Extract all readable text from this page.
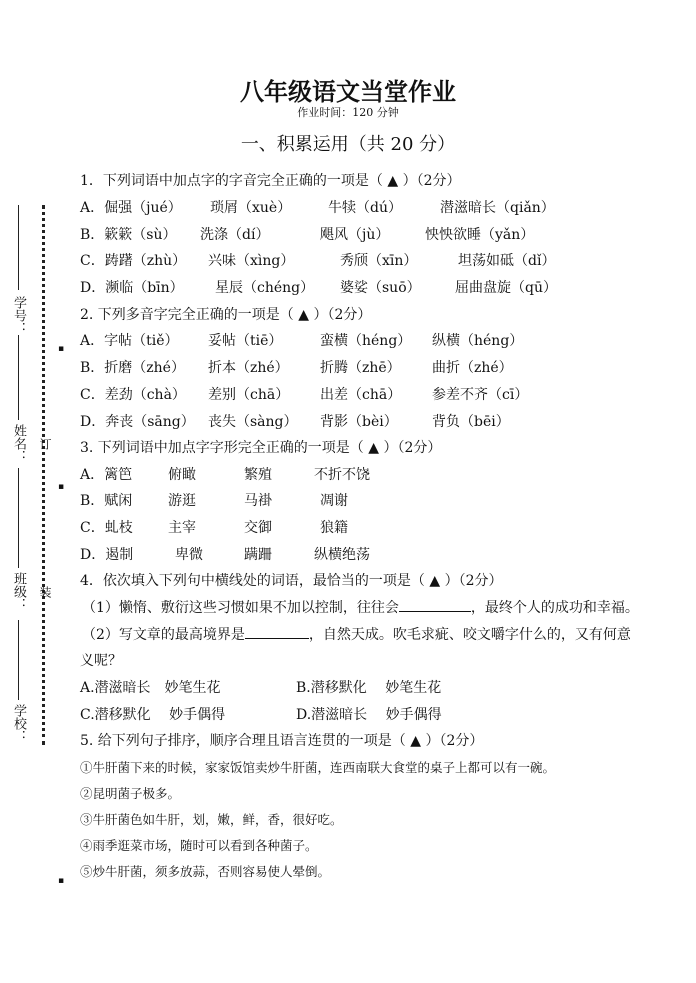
八年级语文当堂作业
作业时间：120 分钟
一、积累运用（共 20 分）
学号：
姓名：
班级：
学校：
订
装
▪
▪
▪
1．下列词语中加点字的字音完全正确的一项是（ ▲ ）（2分）
A．倔强（jué） 琐屑（xuè）	牛犊（dú）	潜滋暗长（qiǎn）
B．簌簌（sù） 洗涤（dí）	飓风（jù）	怏怏欲睡（yǎn）
C．踌躇（zhù） 兴味（xìng）	秀颀（xīn）	坦荡如砥（dǐ）
D．濒临（bīn） 星辰（chéng） 婆娑（suō） 屈曲盘旋（qū）
2. 下列多音字完全正确的一项是（ ▲ ）（2分）
A．字帖（tiě） 妥帖（tiē）	蛮横（héng） 纵横（héng）
B．折磨（zhé） 折本（zhé） 折腾（zhē） 曲折（zhé）
C．差劲（chà） 差别（chā） 出差（chā） 参差不齐（cī）
D．奔丧（sāng） 丧失（sàng） 背影（bèi） 背负（bēi）
3. 下列词语中加点字字形完全正确的一项是（ ▲ ）（2分）
A．篱笆	俯瞰	繁殖	不折不饶
B．赋闲	游逛	马褂	凋谢
C．虬枝	主宰	交御	狼籍
D．遏制	卑微	蹒跚	纵横绝荡
4．依次填入下列句中横线处的词语，最恰当的一项是（ ▲ ）（2分）
（1）懒惰、敷衍这些习惯如果不加以控制，往往会	，最终个人的成功和幸福。
（2）写文章的最高境界是	，自然天成。吹毛求疵、咬文嚼字什么的，又有何意
义呢？
A.潜滋暗长　妙笔生花	B.潜移默化　 妙笔生花
C.潜移默化　 妙手偶得	D.潜滋暗长　 妙手偶得
5. 给下列句子排序，顺序合理且语言连贯的一项是（ ▲ ）（2分）
①牛肝菌下来的时候，家家饭馆卖炒牛肝菌，连西南联大食堂的桌子上都可以有一碗。
②昆明菌子极多。
③牛肝菌色如牛肝，划，嫩，鲜，香，很好吃。
④雨季逛菜市场，随时可以看到各种菌子。
⑤炒牛肝菌，须多放蒜，否则容易使人晕倒。
